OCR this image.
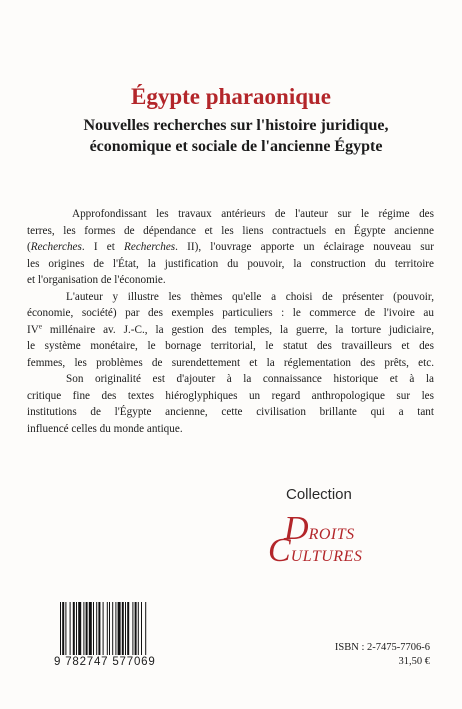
Égypte pharaonique
Nouvelles recherches sur l'histoire juridique,
économique et sociale de l'ancienne Égypte
Approfondissant les travaux antérieurs de l'auteur sur le régime des
terres, les formes de dépendance et les liens contractuels en Égypte ancienne
(Recherches. I et Recherches. II), l'ouvrage apporte un éclairage nouveau sur
les origines de l'État, la justification du pouvoir, la construction du territoire
et l'organisation de l'économie.
L'auteur y illustre les thèmes qu'elle a choisi de présenter (pouvoir,
économie, société) par des exemples particuliers : le commerce de l'ivoire au
IVe millénaire av. J.-C., la gestion des temples, la guerre, la torture judiciaire,
le système monétaire, le bornage territorial, le statut des travailleurs et des
femmes, les problèmes de surendettement et la réglementation des prêts, etc.
Son originalité est d'ajouter à la connaissance historique et à la
critique fine des textes hiéroglyphiques un regard anthropologique sur les
institutions de l'Égypte ancienne, cette civilisation brillante qui a tant
influencé celles du monde antique.
Collection
DROITS
CULTURES
9 782747 577069
ISBN : 2-7475-7706-6
31,50 €
